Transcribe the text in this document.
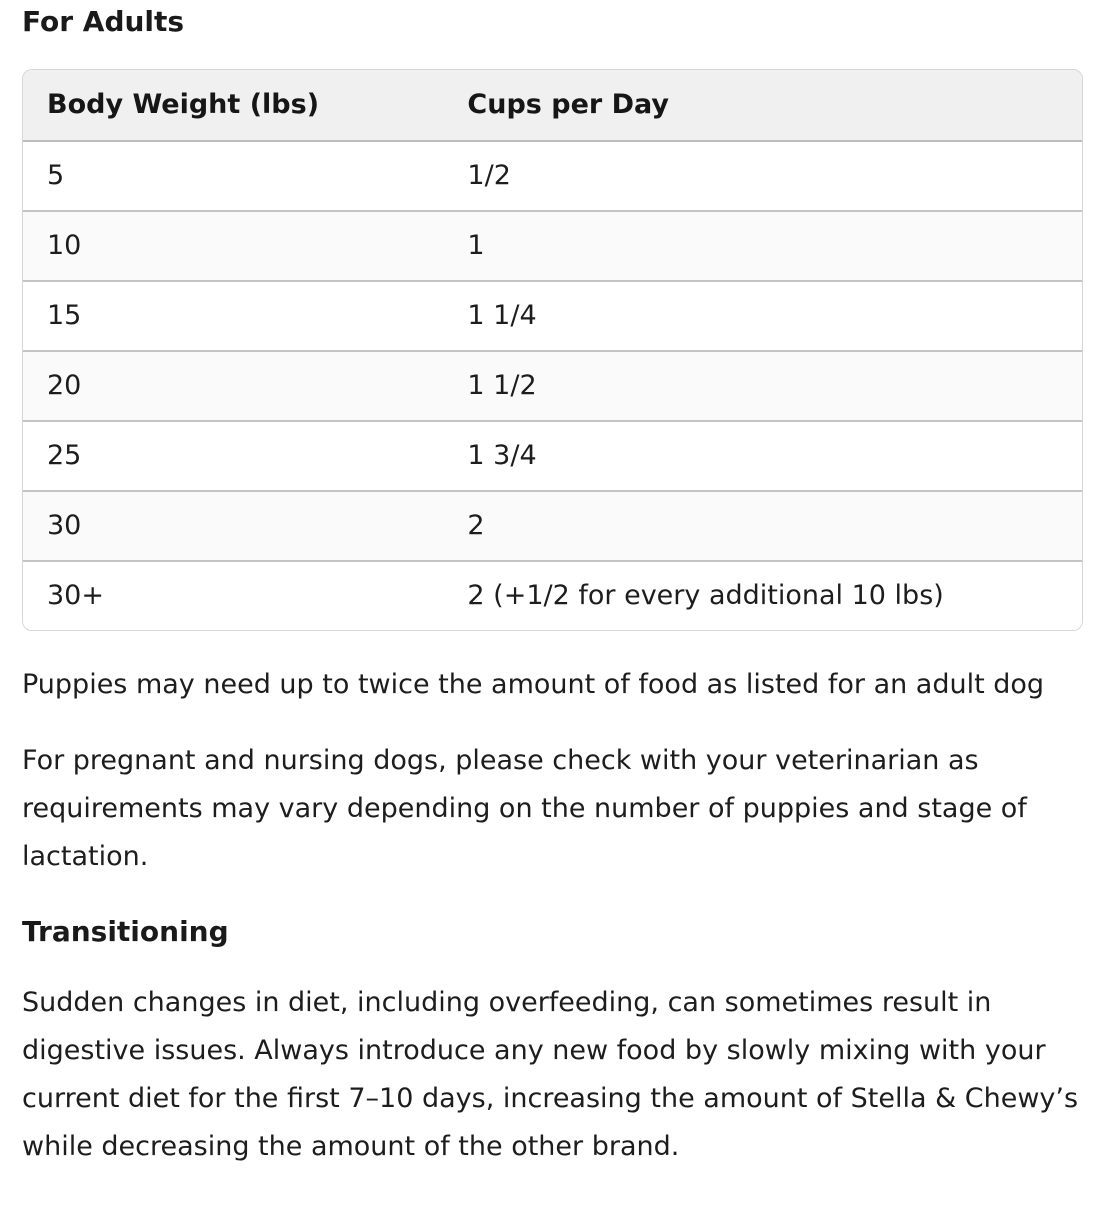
For Adults
Body Weight (lbs)	Cups per Day
5	1/2
10	1
15	1 1/4
20	1 1/2
25	1 3/4
30	2
30+	2 (+1/2 for every additional 10 lbs)

Puppies may need up to twice the amount of food as listed for an adult dog

For pregnant and nursing dogs, please check with your veterinarian as requirements may vary depending on the number of puppies and stage of lactation.

Transitioning

Sudden changes in diet, including overfeeding, can sometimes result in digestive issues. Always introduce any new food by slowly mixing with your current diet for the first 7–10 days, increasing the amount of Stella & Chewy’s while decreasing the amount of the other brand.
